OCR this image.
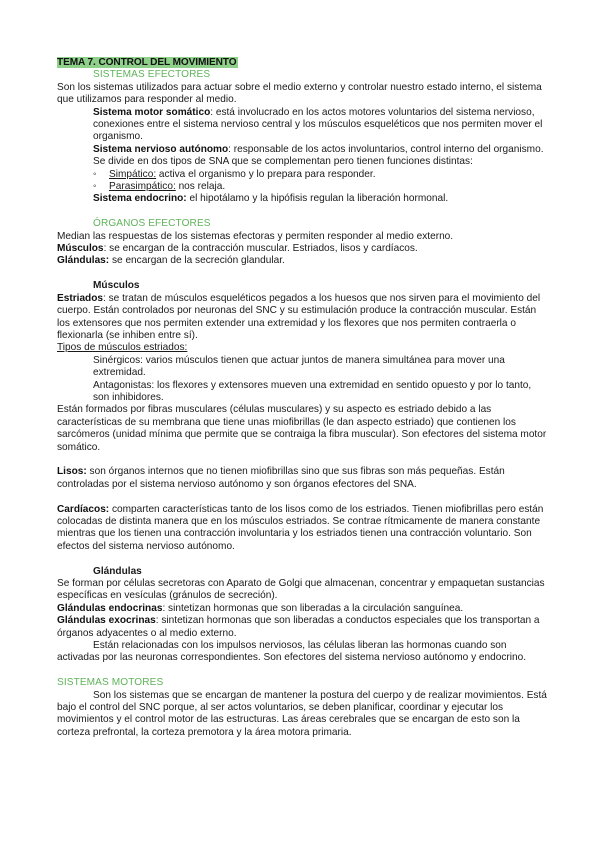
TEMA 7. CONTROL DEL MOVIMIENTO

SISTEMAS EFECTORES

Son los sistemas utilizados para actuar sobre el medio externo y controlar nuestro estado interno, el sistema que utilizamos para responder al medio.

Sistema motor somático: está involucrado en los actos motores voluntarios del sistema nervioso, conexiones entre el sistema nervioso central y los músculos esqueléticos que nos permiten mover el organismo.

Sistema nervioso autónomo: responsable de los actos involuntarios, control interno del organismo. Se divide en dos tipos de SNA que se complementan pero tienen funciones distintas:

◦ Simpático: activa el organismo y lo prepara para responder.

◦ Parasimpático: nos relaja.

Sistema endocrino: el hipotálamo y la hipófisis regulan la liberación hormonal.

ÓRGANOS EFECTORES

Median las respuestas de los sistemas efectoras y permiten responder al medio externo.

Músculos: se encargan de la contracción muscular. Estriados, lisos y cardíacos.

Glándulas: se encargan de la secreción glandular.

Músculos

Estriados: se tratan de músculos esqueléticos pegados a los huesos que nos sirven para el movimiento del cuerpo. Están controlados por neuronas del SNC y su estimulación produce la contracción muscular. Están los extensores que nos permiten extender una extremidad y los flexores que nos permiten contraerla o flexionarla (se inhiben entre sí).

Tipos de músculos estriados:

Sinérgicos: varios músculos tienen que actuar juntos de manera simultánea para mover una extremidad.

Antagonistas: los flexores y extensores mueven una extremidad en sentido opuesto y por lo tanto, son inhibidores.

Están formados por fibras musculares (células musculares) y su aspecto es estriado debido a las características de su membrana que tiene unas miofibrillas (le dan aspecto estriado) que contienen los sarcómeros (unidad mínima que permite que se contraiga la fibra muscular). Son efectores del sistema motor somático.

Lisos: son órganos internos que no tienen miofibrillas sino que sus fibras son más pequeñas. Están controladas por el sistema nervioso autónomo y son órganos efectores del SNA.

Cardíacos: comparten características tanto de los lisos como de los estriados. Tienen miofibrillas pero están colocadas de distinta manera que en los músculos estriados. Se contrae rítmicamente de manera constante mientras que los tienen una contracción involuntaria y los estriados tienen una contracción voluntario. Son efectos del sistema nervioso autónomo.

Glándulas

Se forman por células secretoras con Aparato de Golgi que almacenan, concentrar y empaquetan sustancias específicas en vesículas (gránulos de secreción).

Glándulas endocrinas: sintetizan hormonas que son liberadas a la circulación sanguínea.

Glándulas exocrinas: sintetizan hormonas que son liberadas a conductos especiales que los transportan a órganos adyacentes o al medio externo.

Están relacionadas con los impulsos nerviosos, las células liberan las hormonas cuando son activadas por las neuronas correspondientes. Son efectores del sistema nervioso autónomo y endocrino.

SISTEMAS MOTORES

Son los sistemas que se encargan de mantener la postura del cuerpo y de realizar movimientos. Está bajo el control del SNC porque, al ser actos voluntarios, se deben planificar, coordinar y ejecutar los movimientos y el control motor de las estructuras. Las áreas cerebrales que se encargan de esto son la corteza prefrontal, la corteza premotora y la área motora primaria.
